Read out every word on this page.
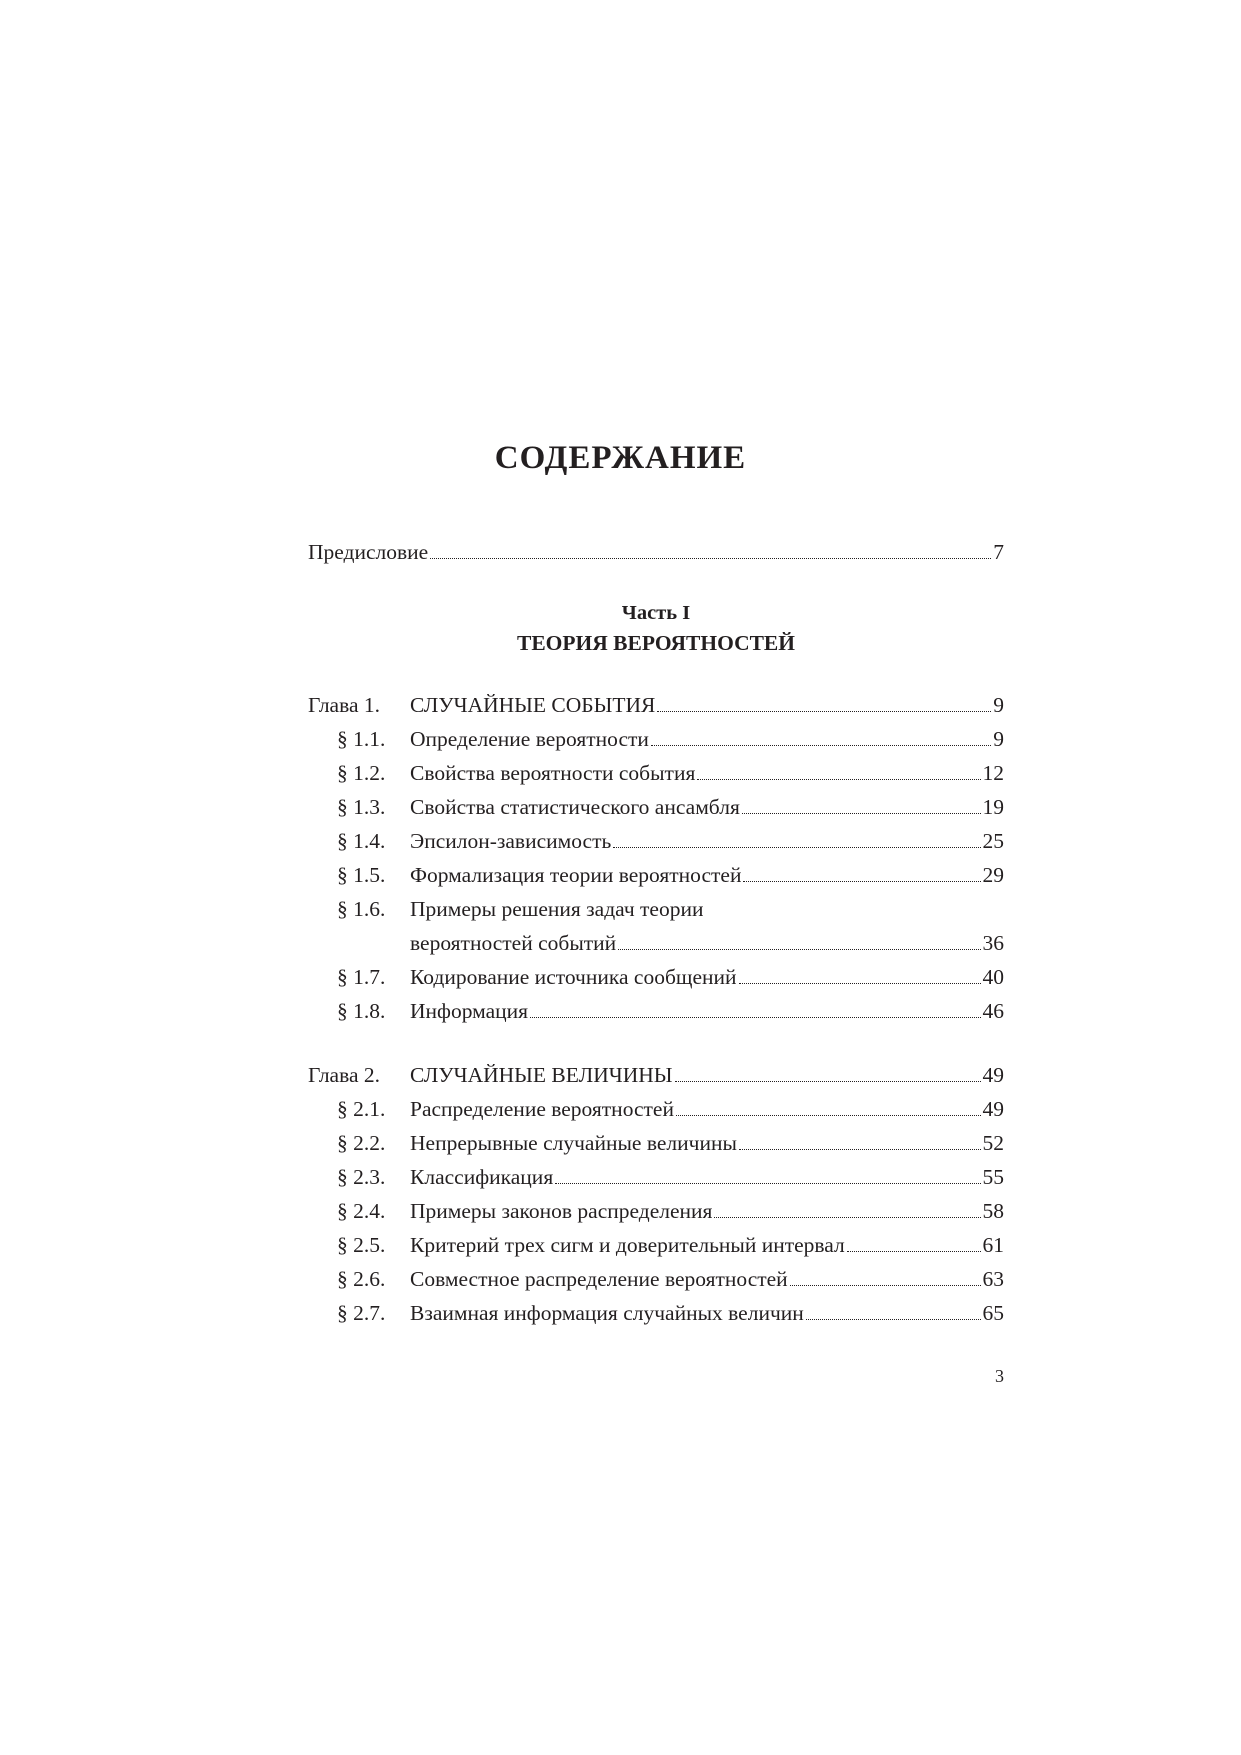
СОДЕРЖАНИЕ
Предисловие	7
Часть I
ТЕОРИЯ ВЕРОЯТНОСТЕЙ
Глава 1.	СЛУЧАЙНЫЕ СОБЫТИЯ	9
§ 1.1.	Определение вероятности	9
§ 1.2.	Свойства вероятности события	12
§ 1.3.	Свойства статистического ансамбля	19
§ 1.4.	Эпсилон-зависимость	25
§ 1.5.	Формализация теории вероятностей	29
§ 1.6.	Примеры решения задач теории
вероятностей событий	36
§ 1.7.	Кодирование источника сообщений	40
§ 1.8.	Информация	46
Глава 2.	СЛУЧАЙНЫЕ ВЕЛИЧИНЫ	49
§ 2.1.	Распределение вероятностей	49
§ 2.2.	Непрерывные случайные величины	52
§ 2.3.	Классификация	55
§ 2.4.	Примеры законов распределения	58
§ 2.5.	Критерий трех сигм и доверительный интервал	61
§ 2.6.	Совместное распределение вероятностей	63
§ 2.7.	Взаимная информация случайных величин	65
3
